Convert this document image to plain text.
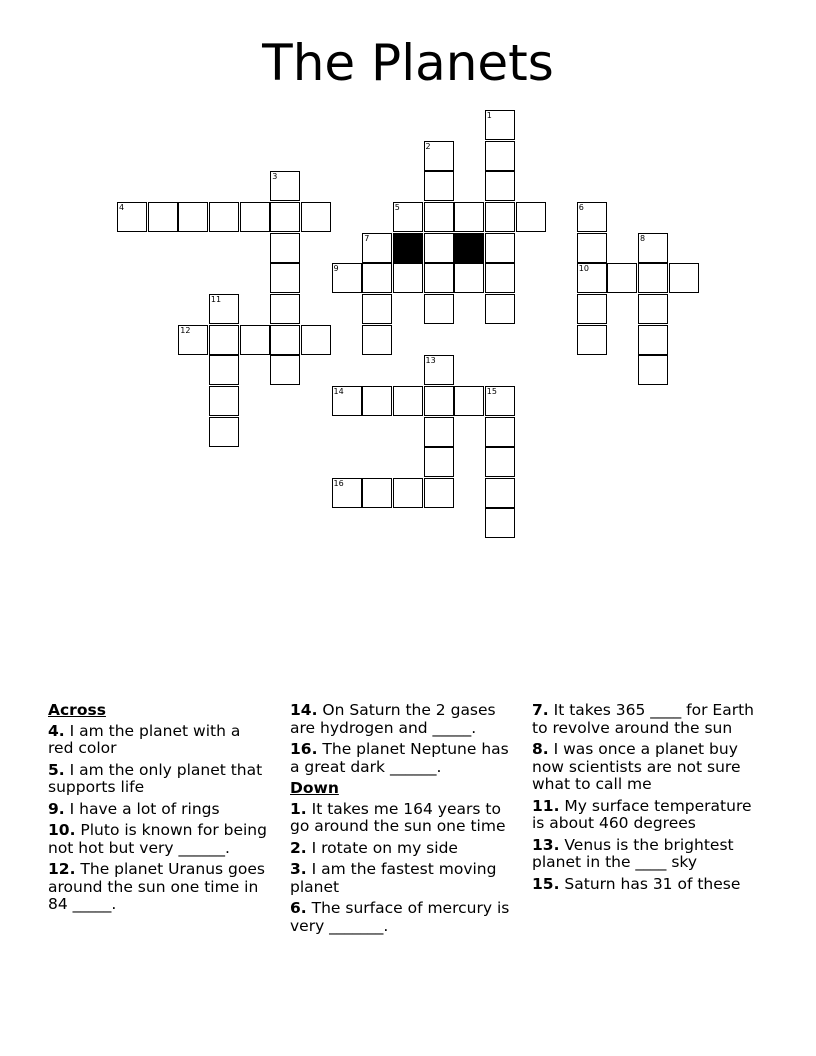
The Planets
1
2
3
4	5	6
7	8
9	10
11
12
13
14	15
16
Across
4. I am the planet with a red color
5. I am the only planet that supports life
9. I have a lot of rings
10. Pluto is known for being not hot but very ______.
12. The planet Uranus goes around the sun one time in 84 _____.
14. On Saturn the 2 gases are hydrogen and _____.
16. The planet Neptune has a great dark ______.
Down
1. It takes me 164 years to go around the sun one time
2. I rotate on my side
3. I am the fastest moving planet
6. The surface of mercury is very _______.
7. It takes 365 ____ for Earth to revolve around the sun
8. I was once a planet buy now scientists are not sure what to call me
11. My surface temperature is about 460 degrees
13. Venus is the brightest planet in the ____ sky
15. Saturn has 31 of these
